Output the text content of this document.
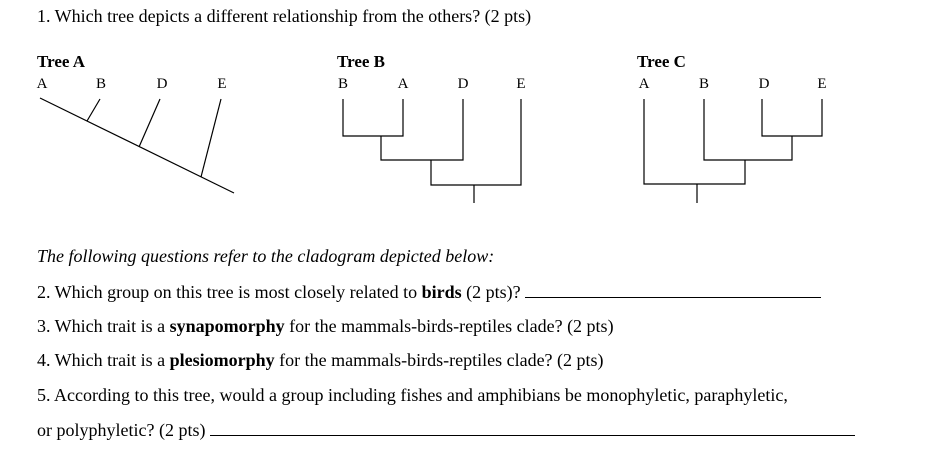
1. Which tree depicts a different relationship from the others? (2 pts)
Tree A	Tree B	Tree C
A	B	D	E	B	A	D	E	A	B	D	E
The following questions refer to the cladogram depicted below:
2. Which group on this tree is most closely related to birds (2 pts)?
3. Which trait is a synapomorphy for the mammals-birds-reptiles clade? (2 pts)
4. Which trait is a plesiomorphy for the mammals-birds-reptiles clade? (2 pts)
5. According to this tree, would a group including fishes and amphibians be monophyletic, paraphyletic,
or polyphyletic? (2 pts)
